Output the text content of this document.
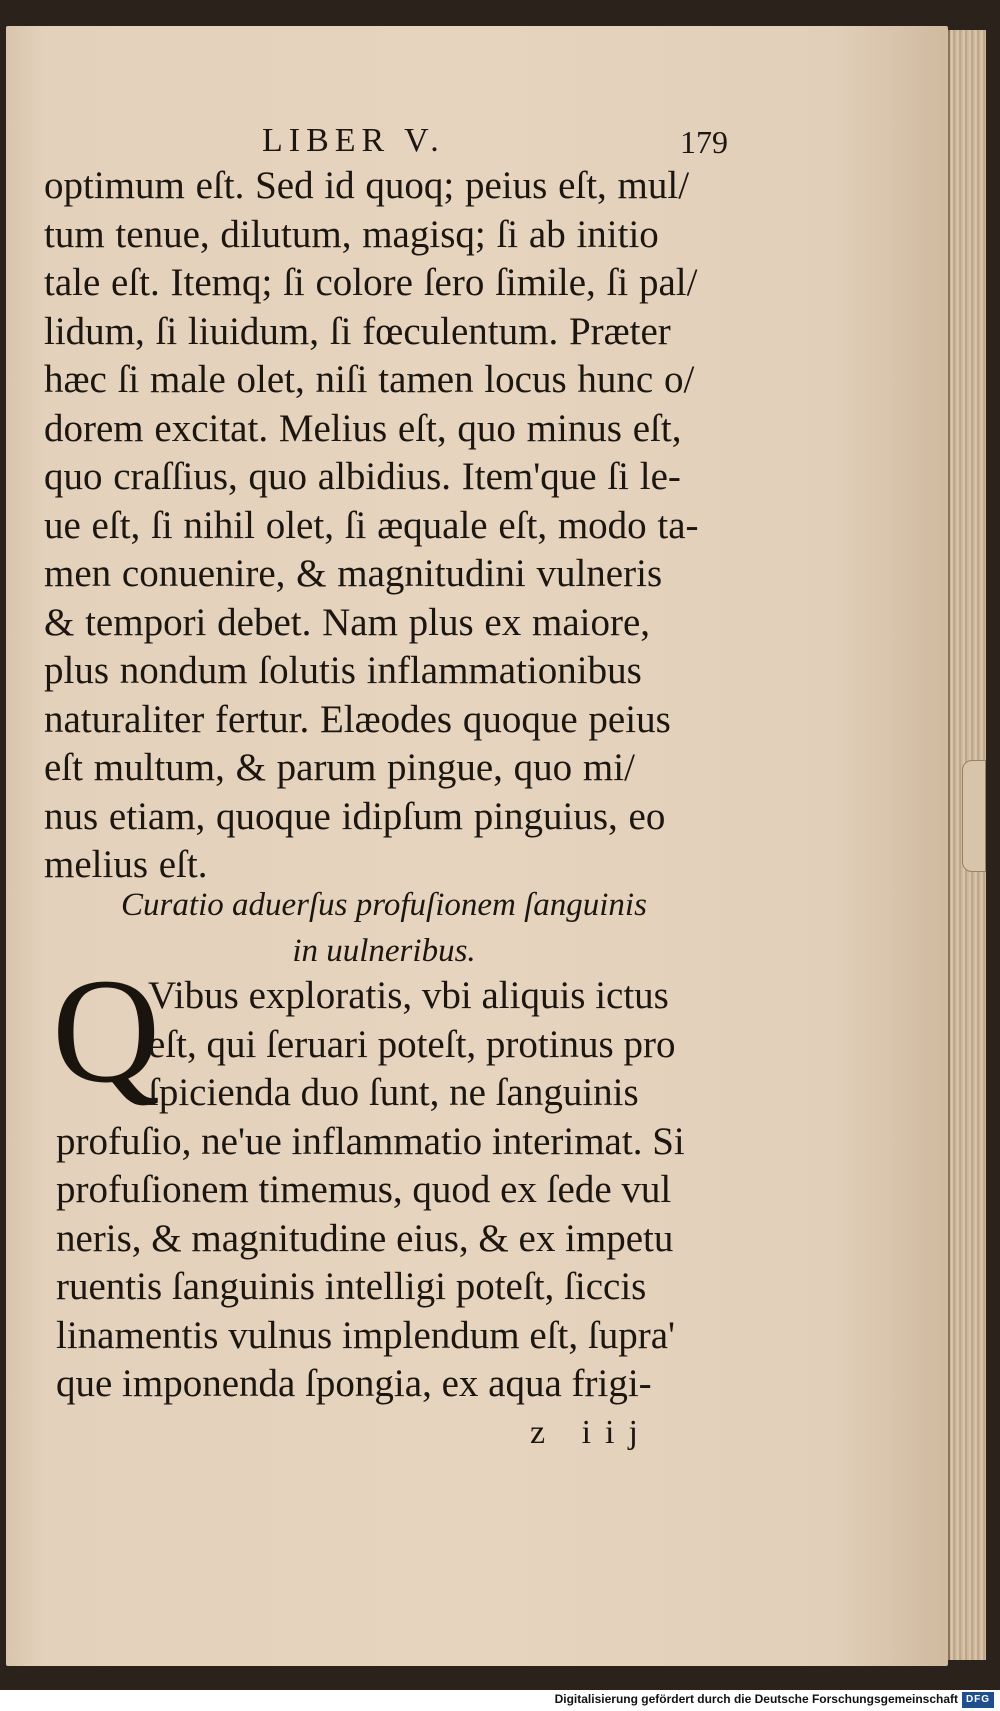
LIBER V.	179
optimum eſt. Sed id quoq; peius eſt, mul/
tum tenue, dilutum, magisq; ſi ab initio
tale eſt. Itemq; ſi colore ſero ſimile, ſi pal/
lidum, ſi liuidum, ſi fœculentum. Præter
hæc ſi male olet, niſi tamen locus hunc o/
dorem excitat. Melius eſt, quo minus eſt,
quo craſſius, quo albidius. Item'que ſi le-
ue eſt, ſi nihil olet, ſi æquale eſt, modo ta-
men conuenire, & magnitudini vulneris
& tempori debet. Nam plus ex maiore,
plus nondum ſolutis inflammationibus
naturaliter fertur. Elæodes quoque peius
eſt multum, & parum pingue, quo mi/
nus etiam, quoque idipſum pinguius, eo
melius eſt.
Curatio aduerſus profuſionem ſanguinis
in uulneribus.
Q
Vibus exploratis, vbi aliquis ictus
eſt, qui ſeruari poteſt, protinus pro
ſpicienda duo ſunt, ne ſanguinis
profuſio, ne'ue inflammatio interimat. Si
profuſionem timemus, quod ex ſede vul
neris, & magnitudine eius, & ex impetu
ruentis ſanguinis intelligi poteſt, ſiccis
linamentis vulnus implendum eſt, ſupra'
que imponenda ſpongia, ex aqua frigi-
z iij
Digitalisierung gefördert durch die Deutsche Forschungsgemeinschaft DFG
